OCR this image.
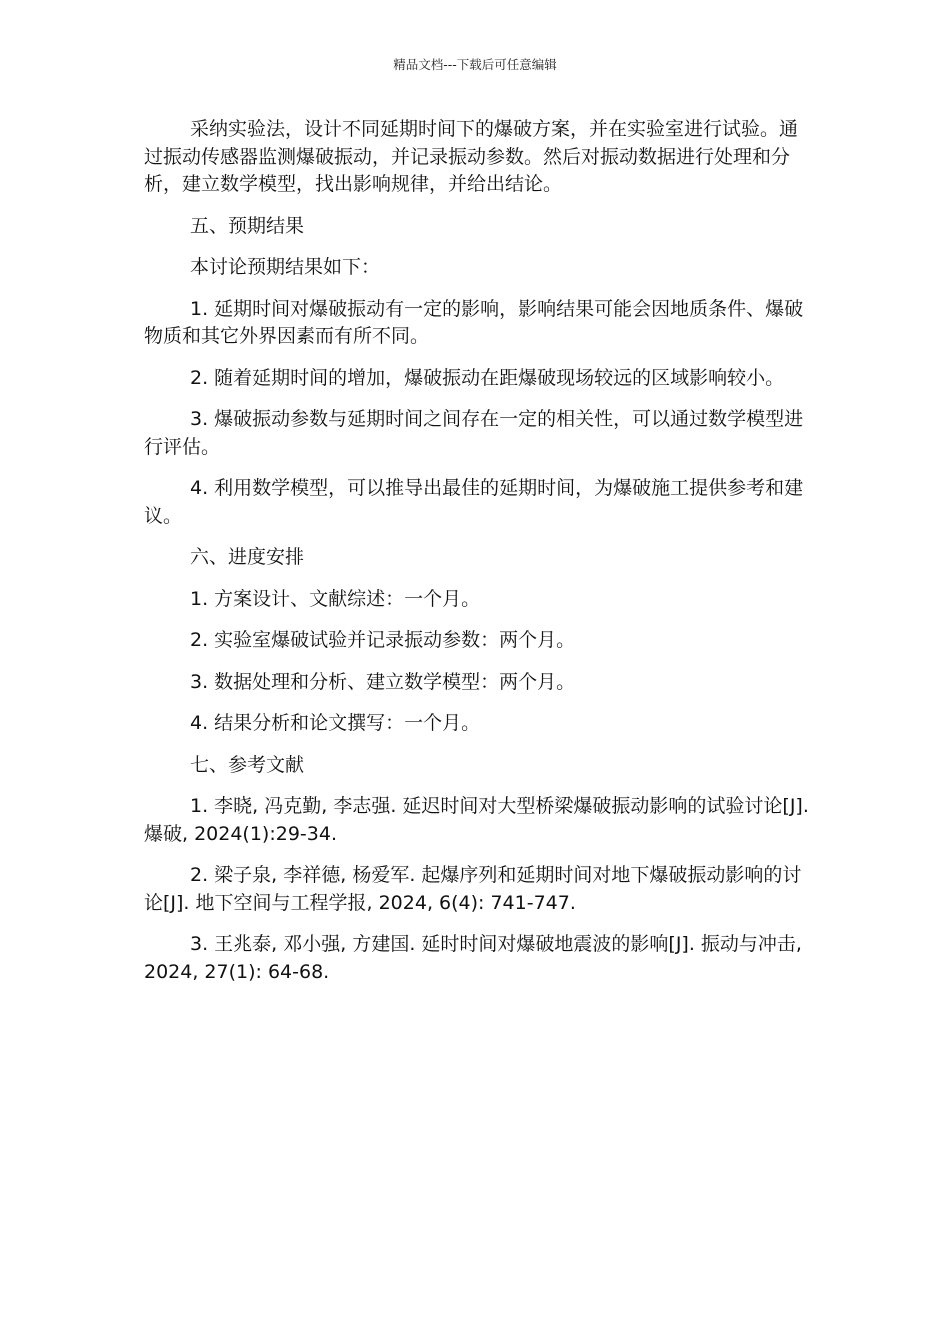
精品文档---下载后可任意编辑

采纳实验法，设计不同延期时间下的爆破方案，并在实验室进行试验。通过振动传感器监测爆破振动，并记录振动参数。然后对振动数据进行处理和分析，建立数学模型，找出影响规律，并给出结论。

五、预期结果

本讨论预期结果如下：

1. 延期时间对爆破振动有一定的影响，影响结果可能会因地质条件、爆破物质和其它外界因素而有所不同。

2. 随着延期时间的增加，爆破振动在距爆破现场较远的区域影响较小。

3. 爆破振动参数与延期时间之间存在一定的相关性，可以通过数学模型进行评估。

4. 利用数学模型，可以推导出最佳的延期时间，为爆破施工提供参考和建议。

六、进度安排

1. 方案设计、文献综述：一个月。

2. 实验室爆破试验并记录振动参数：两个月。

3. 数据处理和分析、建立数学模型：两个月。

4. 结果分析和论文撰写：一个月。

七、参考文献

1. 李晓, 冯克勤, 李志强. 延迟时间对大型桥梁爆破振动影响的试验讨论[J]. 爆破, 2024(1):29-34.

2. 梁子泉, 李祥德, 杨爱军. 起爆序列和延期时间对地下爆破振动影响的讨论[J]. 地下空间与工程学报, 2024, 6(4): 741-747.

3. 王兆泰, 邓小强, 方建国. 延时时间对爆破地震波的影响[J]. 振动与冲击, 2024, 27(1): 64-68.
